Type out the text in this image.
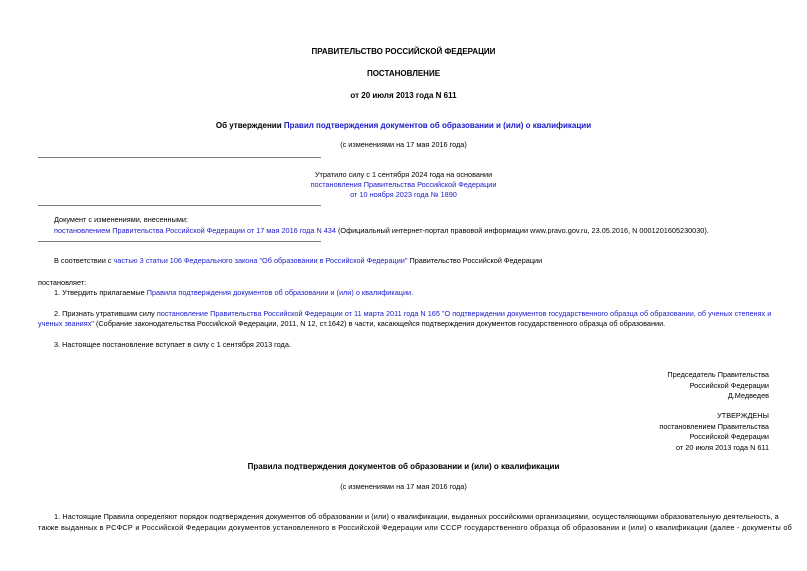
ПРАВИТЕЛЬСТВО РОССИЙСКОЙ ФЕДЕРАЦИИ
ПОСТАНОВЛЕНИЕ
от 20 июля 2013 года N 611
Об утверждении Правил подтверждения документов об образовании и (или) о квалификации
(с изменениями на 17 мая 2016 года)
Утратило силу с 1 сентября 2024 года на основании
постановления Правительства Российской Федерации
от 10 ноября 2023 года № 1890
Документ с изменениями, внесенными:
постановлением Правительства Российской Федерации от 17 мая 2016 года N 434 (Официальный интернет-портал правовой информации www.pravo.gov.ru, 23.05.2016, N 0001201605230030).
В соответствии с частью 3 статьи 106 Федерального закона "Об образовании в Российской Федерации" Правительство Российской Федерации
постановляет:
1. Утвердить прилагаемые Правила подтверждения документов об образовании и (или) о квалификации.
2. Признать утратившим силу постановление Правительства Российской Федерации от 11 марта 2011 года N 165 "О подтверждении документов государственного образца об образовании, об ученых степенях и
ученых званиях" (Собрание законодательства Российской Федерации, 2011, N 12, ст.1642) в части, касающейся подтверждения документов государственного образца об образовании.
3. Настоящее постановление вступает в силу с 1 сентября 2013 года.
Председатель Правительства
Российской Федерации
Д.Медведев
УТВЕРЖДЕНЫ
постановлением Правительства
Российской Федерации
от 20 июля 2013 года N 611
Правила подтверждения документов об образовании и (или) о квалификации
(с изменениями на 17 мая 2016 года)
1. Настоящие Правила определяют порядок подтверждения документов об образовании и (или) о квалификации, выданных российскими организациями, осуществляющими образовательную деятельность, а
также выданных в РСФСР и Российской Федерации документов установленного в Российской Федерации или СССР государственного образца об образовании и (или) о квалификации (далее - документы об
